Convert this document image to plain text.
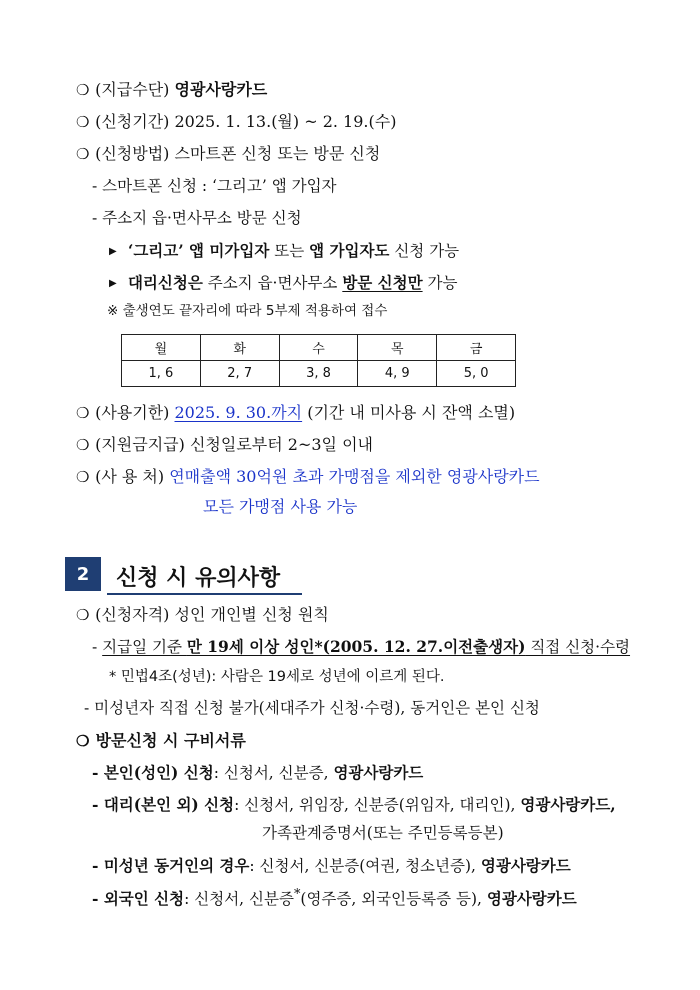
❍ (지급수단) 영광사랑카드
❍ (신청기간) 2025. 1. 13.(월) ~ 2. 19.(수)
❍ (신청방법) 스마트폰 신청 또는 방문 신청
- 스마트폰 신청 : ‘그리고’ 앱 가입자
- 주소지 읍·면사무소 방문 신청
▶ ‘그리고’ 앱 미가입자 또는 앱 가입자도 신청 가능
▶ 대리신청은 주소지 읍·면사무소 방문 신청만 가능
※ 출생연도 끝자리에 따라 5부제 적용하여 접수
월	화	수	목	금
1, 6	2, 7	3, 8	4, 9	5, 0
❍ (사용기한) 2025. 9. 30.까지 (기간 내 미사용 시 잔액 소멸)
❍ (지원금지급) 신청일로부터 2~3일 이내
❍ (사 용 처) 연매출액 30억원 초과 가맹점을 제외한 영광사랑카드
모든 가맹점 사용 가능
2	신청 시 유의사항
❍ (신청자격) 성인 개인별 신청 원칙
- 지급일 기준 만 19세 이상 성인*(2005. 12. 27.이전출생자) 직접 신청·수령
* 민법4조(성년): 사람은 19세로 성년에 이르게 된다.
- 미성년자 직접 신청 불가(세대주가 신청·수령), 동거인은 본인 신청
❍ 방문신청 시 구비서류
- 본인(성인) 신청: 신청서, 신분증, 영광사랑카드
- 대리(본인 외) 신청: 신청서, 위임장, 신분증(위임자, 대리인), 영광사랑카드,
가족관계증명서(또는 주민등록등본)
- 미성년 동거인의 경우: 신청서, 신분증(여권, 청소년증), 영광사랑카드
- 외국인 신청: 신청서, 신분증*(영주증, 외국인등록증 등), 영광사랑카드
